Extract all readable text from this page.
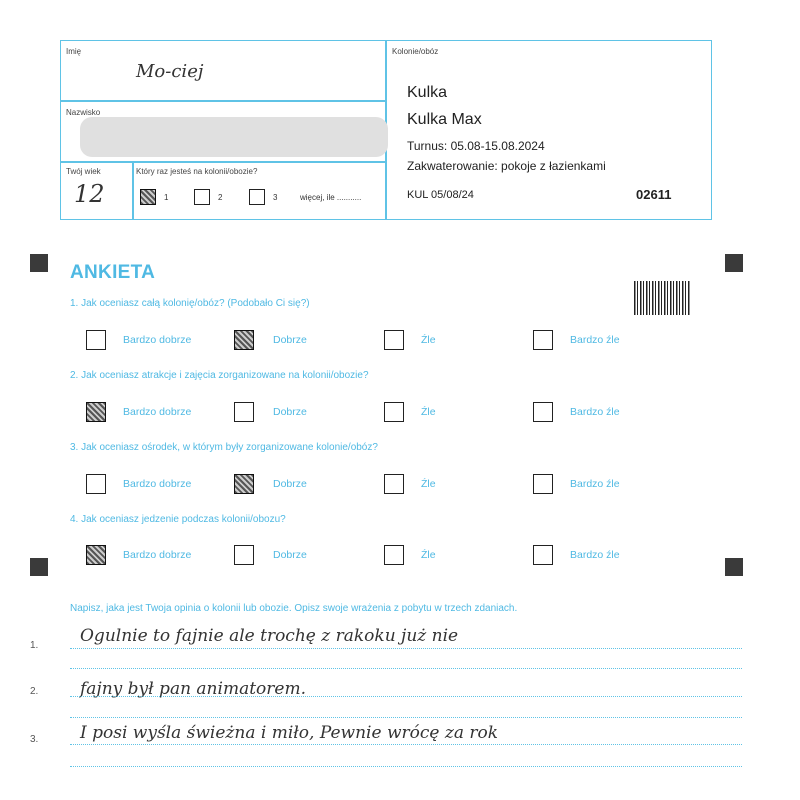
Imię
Mo-ciej
Nazwisko
Twój wiek
12
Który raz jesteś na kolonii/obozie?
1	2	3	więcej, ile ...........
Kolonie/obóz
Kulka
Kulka Max
Turnus: 05.08-15.08.2024
Zakwaterowanie: pokoje z łazienkami
KUL 05/08/24	02611
ANKIETA
1. Jak oceniasz całą kolonię/obóz? (Podobało Ci się?)
2. Jak oceniasz atrakcje i zajęcia zorganizowane na kolonii/obozie?
3. Jak oceniasz ośrodek, w którym były zorganizowane kolonie/obóz?
4. Jak oceniasz jedzenie podczas kolonii/obozu?
Bardzo dobrze	Dobrze	Źle	Bardzo źle
Bardzo dobrze	Dobrze	Źle	Bardzo źle
Bardzo dobrze	Dobrze	Źle	Bardzo źle
Bardzo dobrze	Dobrze	Źle	Bardzo źle
Napisz, jaka jest Twoja opinia o kolonii lub obozie. Opisz swoje wrażenia z pobytu w trzech zdaniach.
1.
2.
3.
Ogulnie to fajnie ale trochę z rakoku już nie
fajny był pan animatorem.
I posi wyśla świeżna i miło, Pewnie wrócę za rok
